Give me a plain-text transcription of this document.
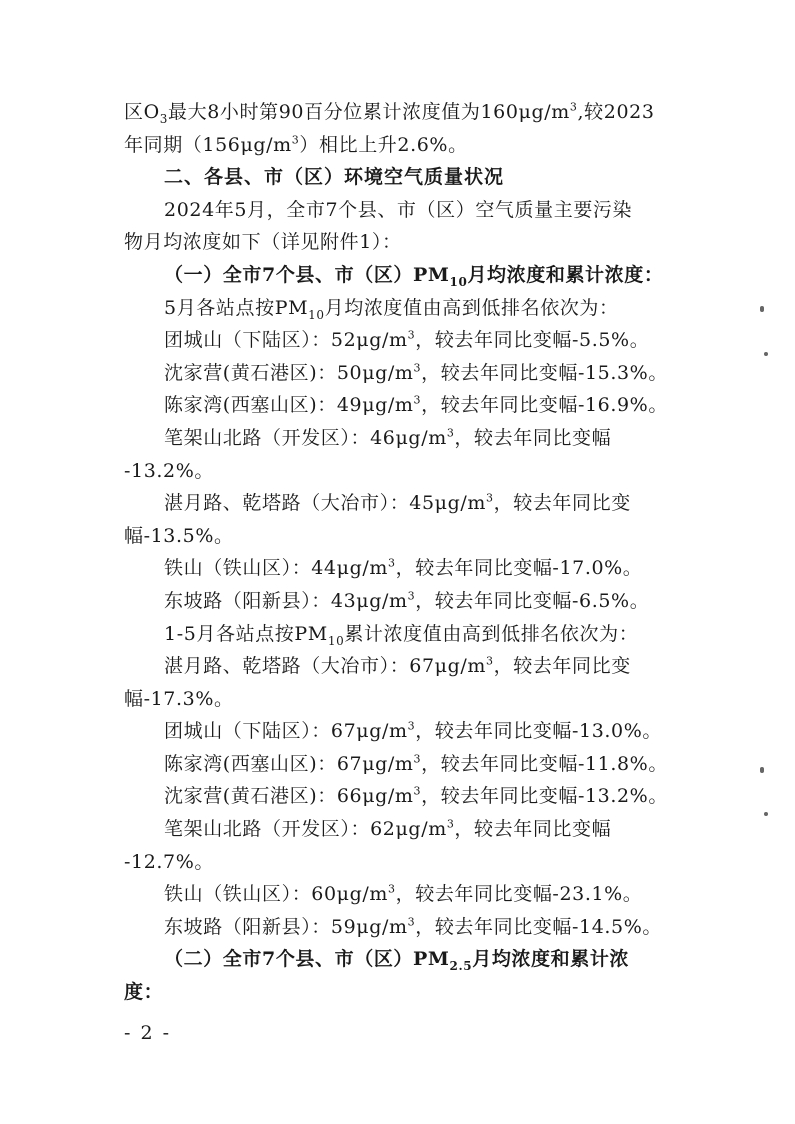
区$O_3$最大8小时第90百分位累计浓度值为$160\mu g/m^3$,较2023
年同期$(156\mu g/m^3)$相比上升2.6%。
二、各县、市（区）环境空气质量状况
2024年5月，全市7个县、市（区）空气质量主要污染
物月均浓度如下（详见附件1）：
（一）全市7个县、市（区）$PM_{10}$月均浓度和累计浓度：
5月各站点按$PM_{10}$月均浓度值由高到低排名依次为：
团城山（下陆区）：$52\mu g/m^3$，较去年同比变幅-5.5%。
沈家营(黄石港区)：$50\mu g/m^3$，较去年同比变幅-15.3%。
陈家湾(西塞山区)：$49\mu g/m^3$，较去年同比变幅-16.9%。
笔架山北路（开发区）：$46\mu g/m^3$，较去年同比变幅
-13.2%。
湛月路、乾塔路（大冶市）：$45\mu g/m^3$，较去年同比变
幅-13.5%。
铁山（铁山区）：$44\mu g/m^3$，较去年同比变幅-17.0%。
东坡路（阳新县）：$43\mu g/m^3$，较去年同比变幅-6.5%。
1-5月各站点按$PM_{10}$累计浓度值由高到低排名依次为：
湛月路、乾塔路（大冶市）：$67\mu g/m^3$，较去年同比变
幅-17.3%。
团城山（下陆区）：$67\mu g/m^3$，较去年同比变幅-13.0%。
陈家湾(西塞山区)：$67\mu g/m^3$，较去年同比变幅-11.8%。
沈家营(黄石港区)：$66\mu g/m^3$，较去年同比变幅-13.2%。
笔架山北路（开发区）：$62\mu g/m^3$，较去年同比变幅
-12.7%。
铁山（铁山区）：$60\mu g/m^3$，较去年同比变幅-23.1%。
东坡路（阳新县）：$59\mu g/m^3$，较去年同比变幅-14.5%。
（二）全市7个县、市（区）$PM_{2.5}$月均浓度和累计浓
度：
- 2 -
